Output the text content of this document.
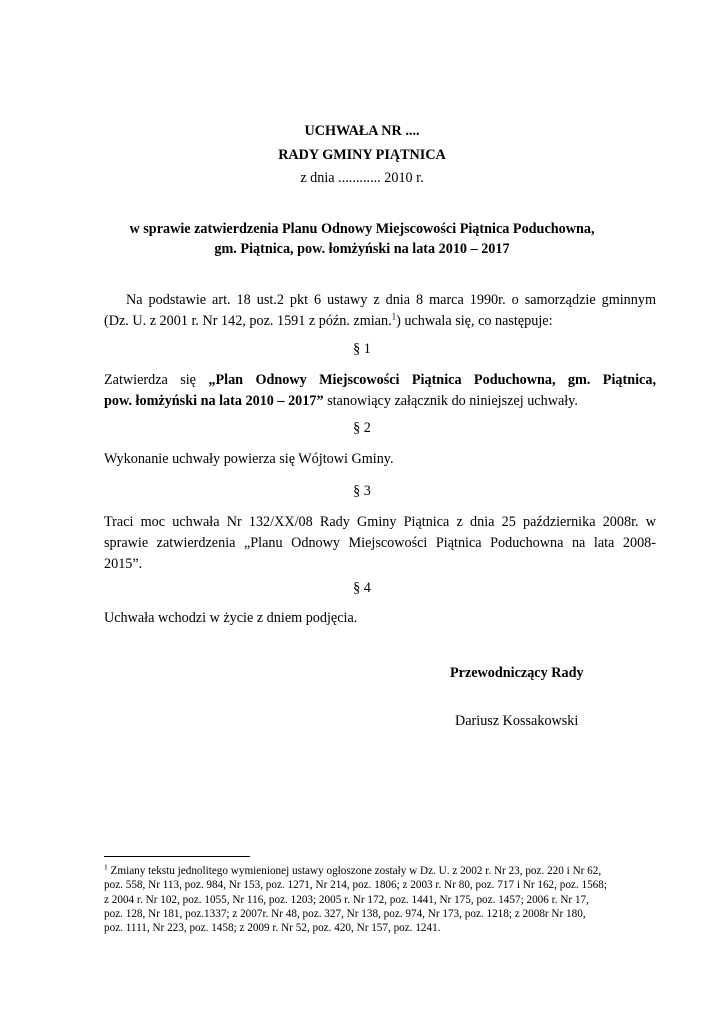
UCHWAŁA NR ....
RADY GMINY PIĄTNICA
z dnia ............ 2010 r.
w sprawie zatwierdzenia Planu Odnowy Miejscowości Piątnica Poduchowna,
gm. Piątnica, pow. łomżyński na lata 2010 – 2017
Na podstawie art. 18 ust.2 pkt 6 ustawy z dnia 8 marca 1990r. o samorządzie gminnym
(Dz. U. z 2001 r. Nr 142, poz. 1591 z późn. zmian.$^1$) uchwala się, co następuje:
§ 1
Zatwierdza się „Plan Odnowy Miejscowości Piątnica Poduchowna, gm. Piątnica,
pow. łomżyński na lata 2010 – 2017” stanowiący załącznik do niniejszej uchwały.
§ 2
Wykonanie uchwały powierza się Wójtowi Gminy.
§ 3
Traci moc uchwała Nr 132/XX/08 Rady Gminy Piątnica z dnia 25 października 2008r. w
sprawie zatwierdzenia „Planu Odnowy Miejscowości Piątnica Poduchowna na lata 2008-
2015”.
§ 4
Uchwała wchodzi w życie z dniem podjęcia.
Przewodniczący Rady
Dariusz Kossakowski
$^1$ Zmiany tekstu jednolitego wymienionej ustawy ogłoszone zostały w Dz. U. z 2002 r. Nr 23, poz. 220 i Nr 62,
poz. 558, Nr 113, poz. 984, Nr 153, poz. 1271, Nr 214, poz. 1806; z 2003 r. Nr 80, poz. 717 i Nr 162, poz. 1568;
z 2004 r. Nr 102, poz. 1055, Nr 116, poz. 1203; 2005 r. Nr 172, poz. 1441, Nr 175, poz. 1457; 2006 r. Nr 17,
poz. 128, Nr 181, poz.1337; z 2007r. Nr 48, poz. 327, Nr 138, poz. 974, Nr 173, poz. 1218; z 2008r Nr 180,
poz. 1111, Nr 223, poz. 1458; z 2009 r. Nr 52, poz. 420, Nr 157, poz. 1241.
